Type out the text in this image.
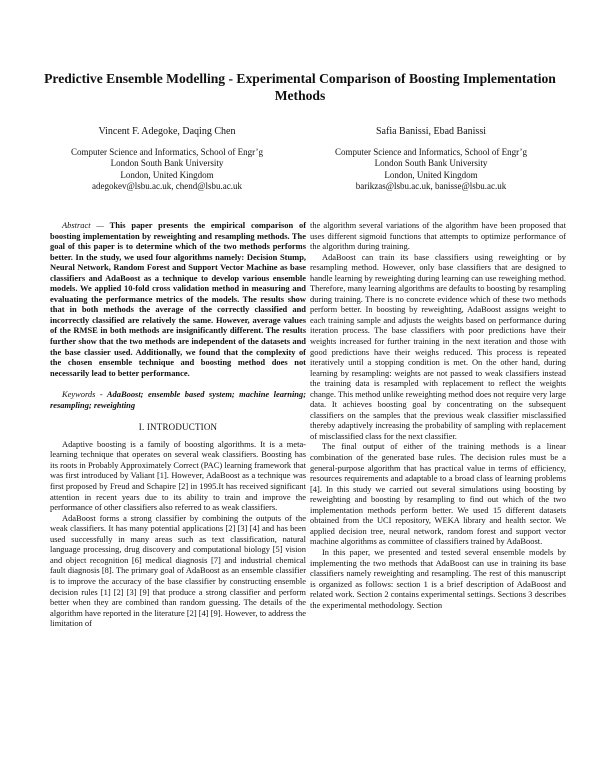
Predictive Ensemble Modelling - Experimental Comparison of Boosting Implementation Methods
Vincent F. Adegoke, Daqing Chen
Computer Science and Informatics, School of Engr’g
London South Bank University
London, United Kingdom
adegokev@lsbu.ac.uk, chend@lsbu.ac.uk
Safia Banissi, Ebad Banissi
Computer Science and Informatics, School of Engr’g
London South Bank University
London, United Kingdom
barikzas@lsbu.ac.uk, banisse@lsbu.ac.uk

Abstract — This paper presents the empirical comparison of boosting implementation by reweighting and resampling methods. The goal of this paper is to determine which of the two methods performs better. In the study, we used four algorithms namely: Decision Stump, Neural Network, Random Forest and Support Vector Machine as base classifiers and AdaBoost as a technique to develop various ensemble models. We applied 10-fold cross validation method in measuring and evaluating the performance metrics of the models. The results show that in both methods the average of the correctly classified and incorrectly classified are relatively the same. However, average values of the RMSE in both methods are insignificantly different. The results further show that the two methods are independent of the datasets and the base classier used. Additionally, we found that the complexity of the chosen ensemble technique and boosting method does not necessarily lead to better performance.

Keywords - AdaBoost; ensemble based system; machine learning; resampling; reweighting

I. INTRODUCTION

Adaptive boosting is a family of boosting algorithms. It is a meta-learning technique that operates on several weak classifiers. Boosting has its roots in Probably Approximately Correct (PAC) learning framework that was first introduced by Valiant [1]. However, AdaBoost as a technique was first proposed by Freud and Schapire [2] in 1995.It has received significant attention in recent years due to its ability to train and improve the performance of other classifiers also referred to as weak classifiers.

AdaBoost forms a strong classifier by combining the outputs of the weak classifiers. It has many potential applications [2] [3] [4] and has been used successfully in many areas such as text classification, natural language processing, drug discovery and computational biology [5] vision and object recognition [6] medical diagnosis [7] and industrial chemical fault diagnosis [8]. The primary goal of AdaBoost as an ensemble classifier is to improve the accuracy of the base classifier by constructing ensemble decision rules [1] [2] [3] [9] that produce a strong classifier and perform better when they are combined than random guessing. The details of the algorithm have reported in the literature [2] [4] [9]. However, to address the limitation of

the algorithm several variations of the algorithm have been proposed that uses different sigmoid functions that attempts to optimize performance of the algorithm during training.

AdaBoost can train its base classifiers using reweighting or by resampling method. However, only base classifiers that are designed to handle learning by reweighting during learning can use reweighing method. Therefore, many learning algorithms are defaults to boosting by resampling during training. There is no concrete evidence which of these two methods perform better. In boosting by reweighting, AdaBoost assigns weight to each training sample and adjusts the weights based on performance during iteration process. The base classifiers with poor predictions have their weights increased for further training in the next iteration and those with good predictions have their weighs reduced. This process is repeated iteratively until a stopping condition is met. On the other hand, during learning by resampling: weights are not passed to weak classifiers instead the training data is resampled with replacement to reflect the weights change. This method unlike reweighting method does not require very large data. It achieves boosting goal by concentrating on the subsequent classifiers on the samples that the previous weak classifier misclassified thereby adaptively increasing the probability of sampling with replacement of misclassified class for the next classifier.

The final output of either of the training methods is a linear combination of the generated base rules. The decision rules must be a general-purpose algorithm that has practical value in terms of efficiency, resources requirements and adaptable to a broad class of learning problems [4]. In this study we carried out several simulations using boosting by reweighting and boosting by resampling to find out which of the two implementation methods perform better. We used 15 different datasets obtained from the UCI repository, WEKA library and health sector. We applied decision tree, neural network, random forest and support vector machine algorithms as committee of classifiers trained by AdaBoost.

In this paper, we presented and tested several ensemble models by implementing the two methods that AdaBoost can use in training its base classifiers namely reweighting and resampling. The rest of this manuscript is organized as follows: section 1 is a brief description of AdaBoost and related work. Section 2 contains experimental settings. Sections 3 describes the experimental methodology. Section
